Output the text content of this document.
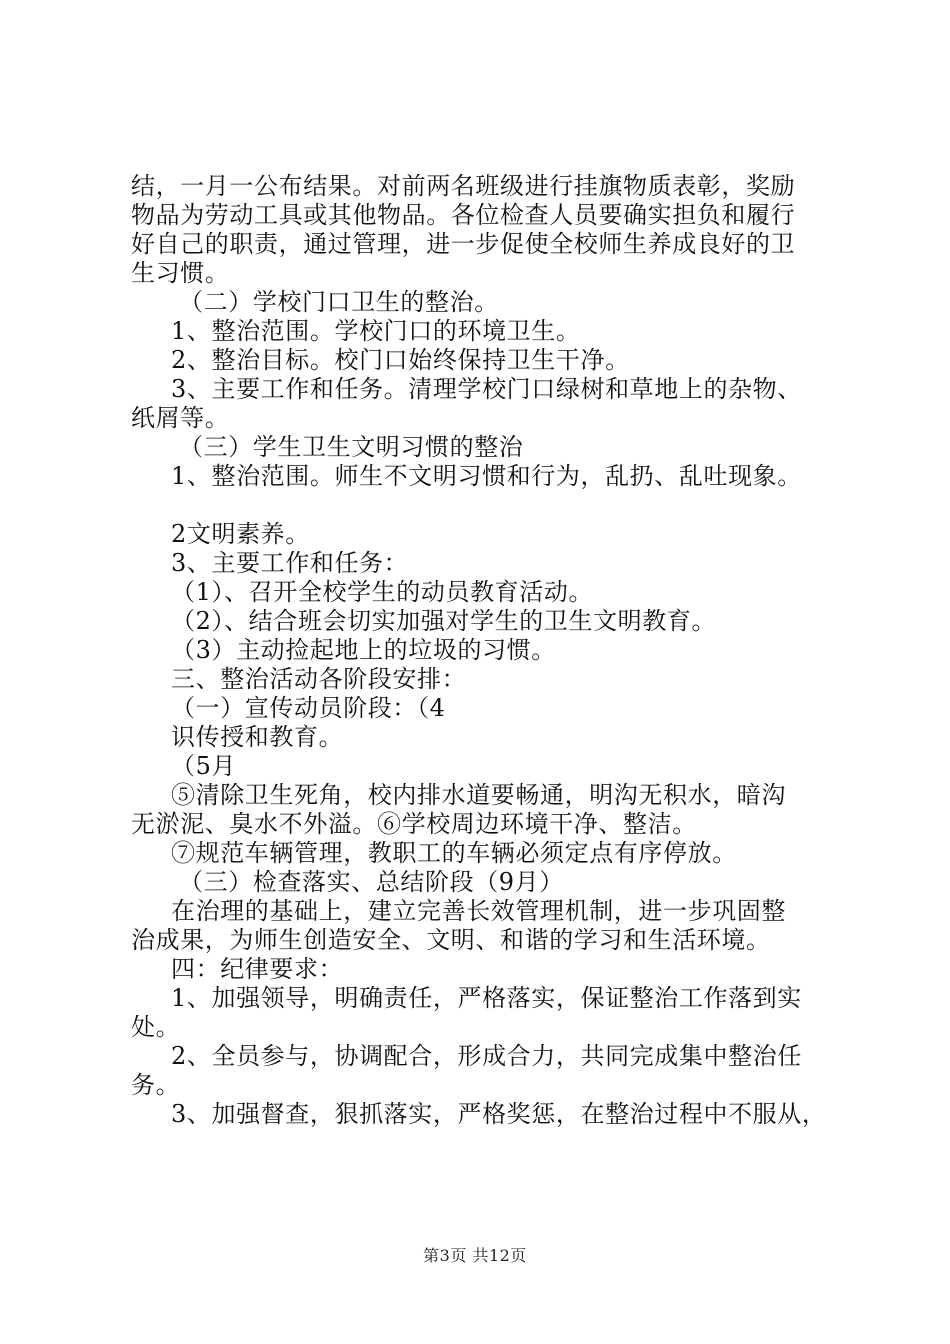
结，一月一公布结果。对前两名班级进行挂旗物质表彰，奖励
物品为劳动工具或其他物品。各位检查人员要确实担负和履行
好自己的职责，通过管理，进一步促使全校师生养成良好的卫
生习惯。
（二）学校门口卫生的整治。
1、整治范围。学校门口的环境卫生。
2、整治目标。校门口始终保持卫生干净。
3、主要工作和任务。清理学校门口绿树和草地上的杂物、
纸屑等。
（三）学生卫生文明习惯的整治
1、整治范围。师生不文明习惯和行为，乱扔、乱吐现象。
2文明素养。
3、主要工作和任务：
（1）、召开全校学生的动员教育活动。
（2）、结合班会切实加强对学生的卫生文明教育。
（3）主动捡起地上的垃圾的习惯。
三、整治活动各阶段安排：
（一）宣传动员阶段：（4
识传授和教育。
（5月
⑤清除卫生死角，校内排水道要畅通，明沟无积水，暗沟
无淤泥、臭水不外溢。⑥学校周边环境干净、整洁。
⑦规范车辆管理，教职工的车辆必须定点有序停放。
（三）检查落实、总结阶段（9月）
在治理的基础上，建立完善长效管理机制，进一步巩固整
治成果，为师生创造安全、文明、和谐的学习和生活环境。
四：纪律要求：
1、加强领导，明确责任，严格落实，保证整治工作落到实
处。
2、全员参与，协调配合，形成合力，共同完成集中整治任
务。
3、加强督查，狠抓落实，严格奖惩，在整治过程中不服从，
第3页 共12页
